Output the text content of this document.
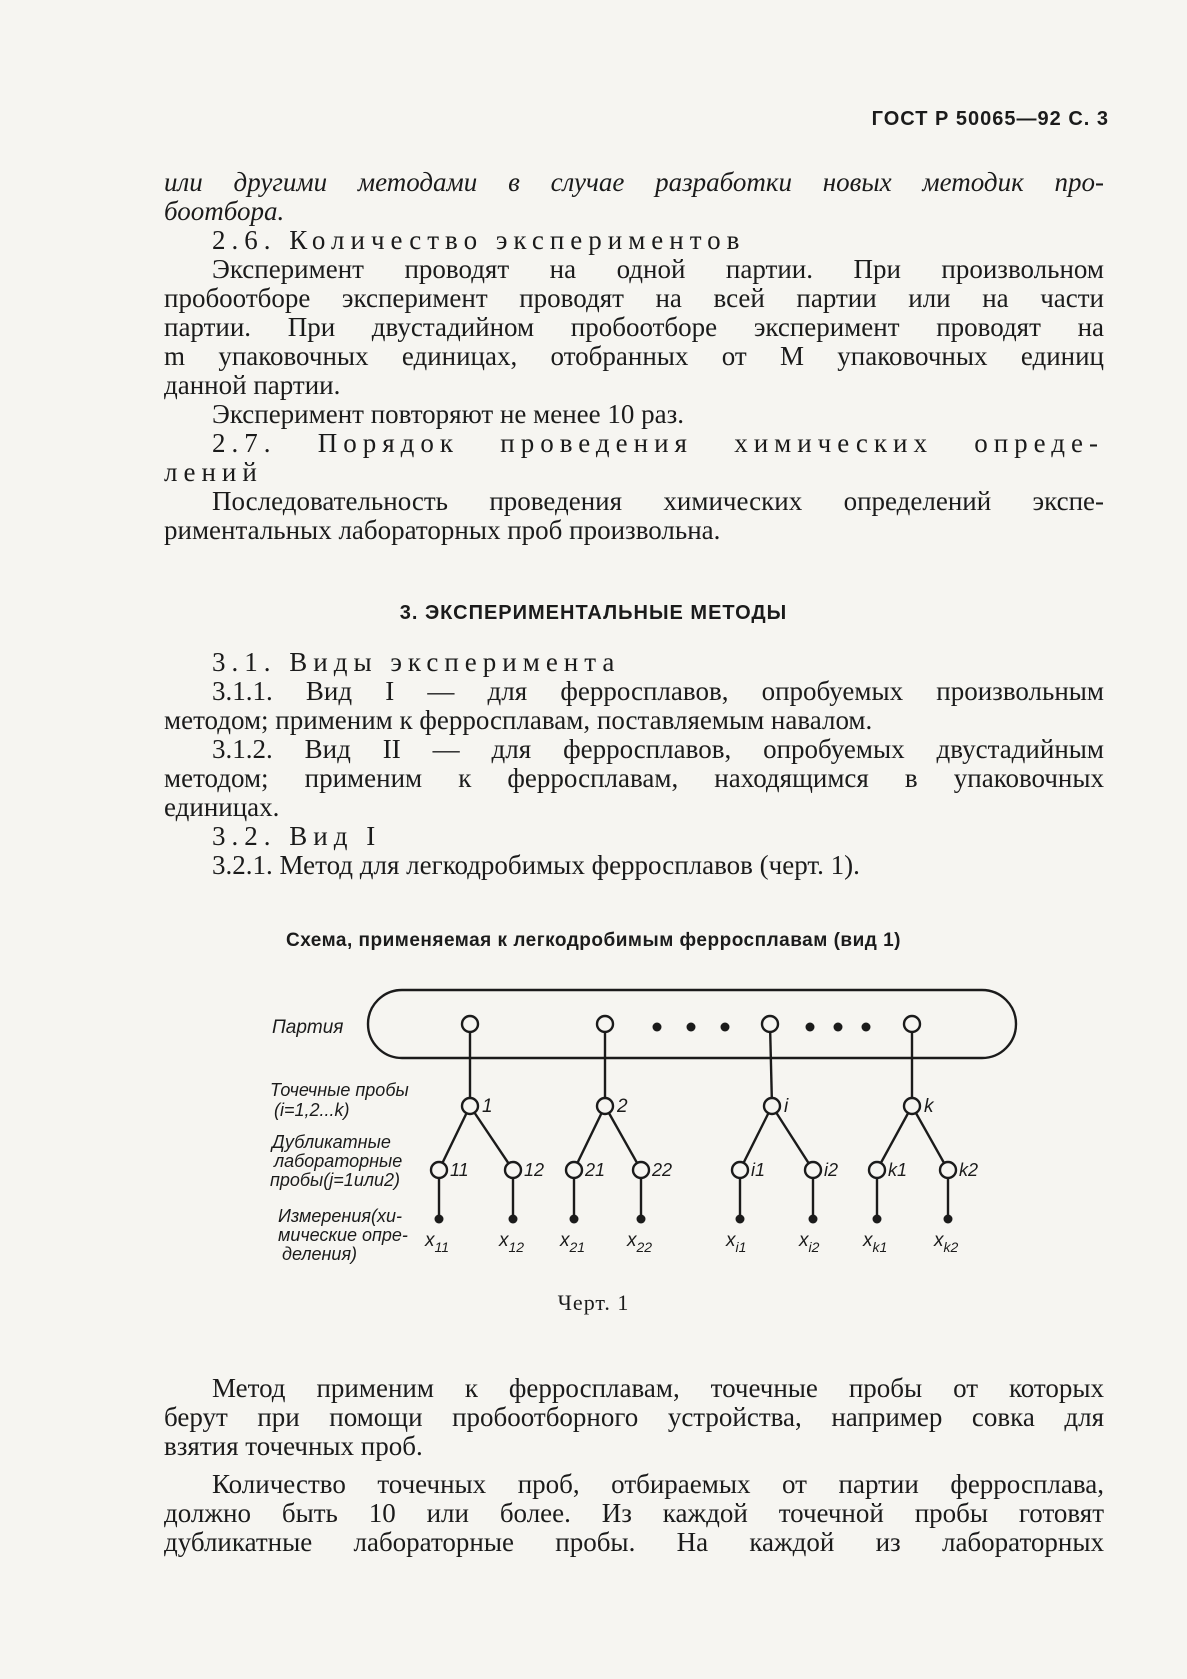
ГОСТ Р 50065—92 С. 3
или другими методами в случае разработки новых методик про-
боотбора.
2.6. Количество экспериментов
Эксперимент проводят на одной партии. При произвольном
пробоотборе эксперимент проводят на всей партии или на части
партии. При двустадийном пробоотборе эксперимент проводят на
m упаковочных единицах, отобранных от M упаковочных единиц
данной партии.
Эксперимент повторяют не менее 10 раз.
2.7. Порядок проведения химических опреде-
лений
Последовательность проведения химических определений экспе-
риментальных лабораторных проб произвольна.
3. ЭКСПЕРИМЕНТАЛЬНЫЕ МЕТОДЫ
3.1. Виды эксперимента
3.1.1. Вид I — для ферросплавов, опробуемых произвольным
методом; применим к ферросплавам, поставляемым навалом.
3.1.2. Вид II — для ферросплавов, опробуемых двустадийным
методом; применим к ферросплавам, находящимся в упаковочных
единицах.
3.2. Вид I
3.2.1. Метод для легкодробимых ферросплавов (черт. 1).
Схема, применяемая к легкодробимым ферросплавам (вид 1)
Партия
Точечные пробы
(i=1,2...k)
Дубликатные
лабораторные
пробы(j=1или2)
Измерения(хи-
мические опре-
деления)
1
11	12
$x_{11}$	$x_{12}$
2
21	22
$x_{21}$ $x_{22}$
i
i1	i2
$x_{i1}$	$x_{i2}$
k
k1	k2
$x_{k1}$ $x_{k2}$
Черт. 1
Метод применим к ферросплавам, точечные пробы от которых
берут при помощи пробоотборного устройства, например совка для
взятия точечных проб.
Количество точечных проб, отбираемых от партии ферросплава,
должно быть 10 или более. Из каждой точечной пробы готовят
дубликатные лабораторные пробы. На каждой из лабораторных
